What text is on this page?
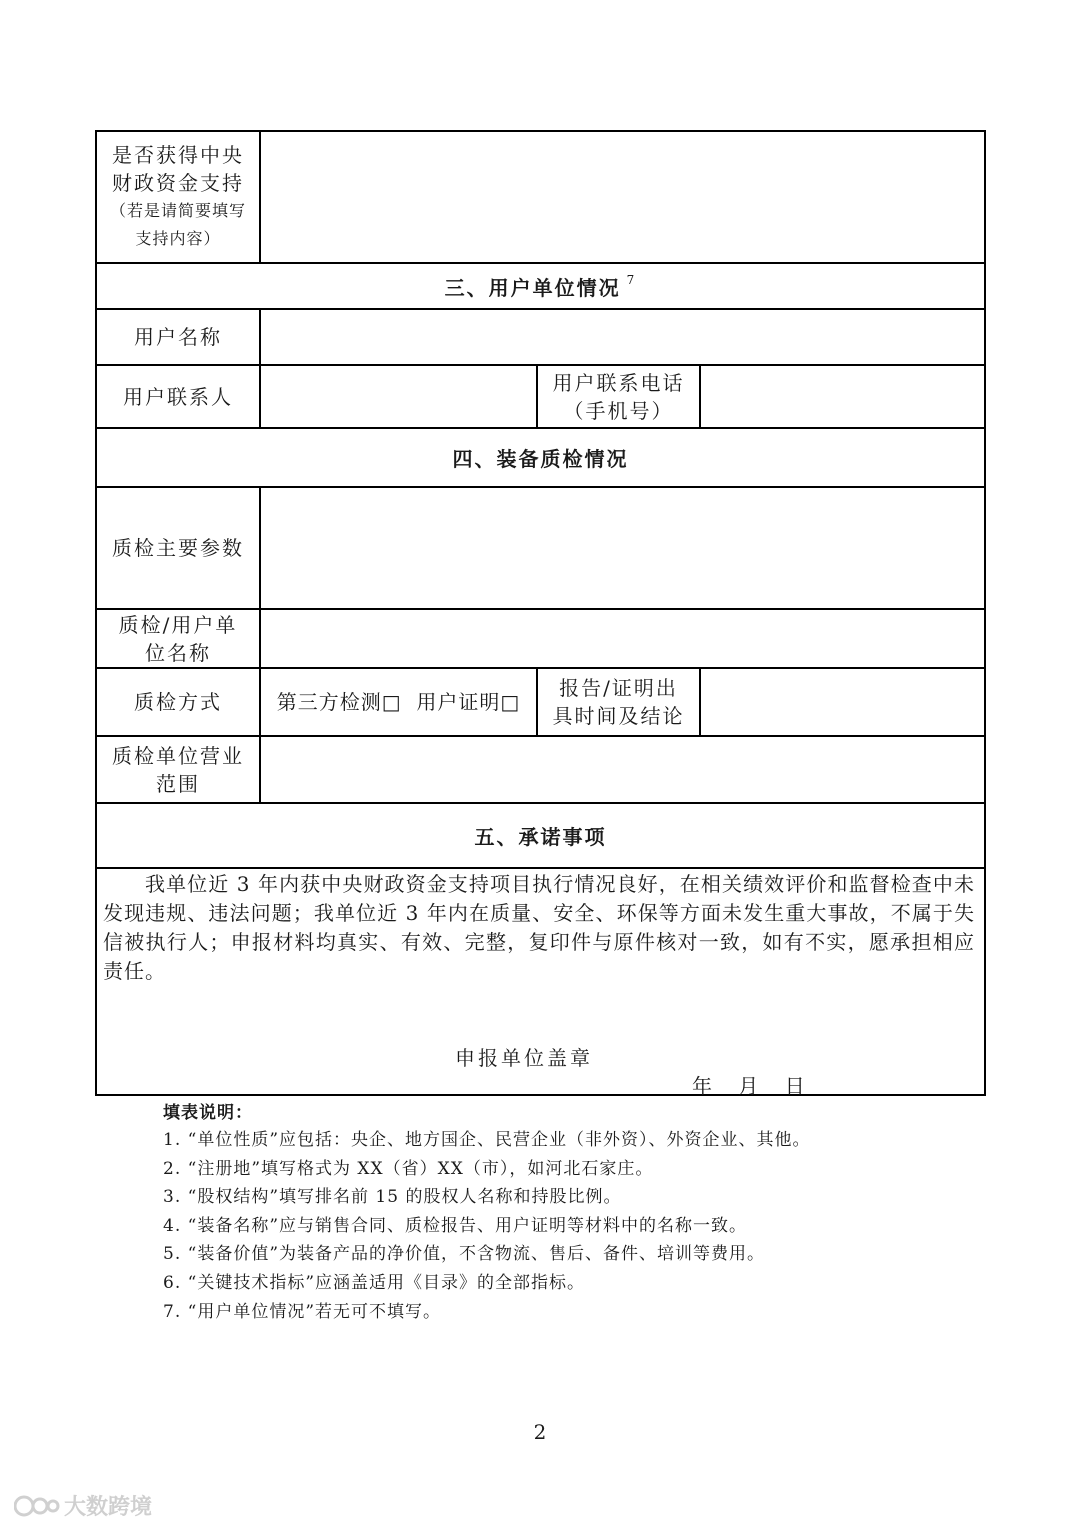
是否获得中央财政资金支持
（若是请简要填写支持内容）
三、用户单位情况 $^7$
用户名称
用户联系人
用户联系电话（手机号）
四、装备质检情况
质检主要参数
质检/用户单位名称
质检方式	第三方检测□  用户证明□
报告/证明出具时间及结论
质检单位营业范围
五、承诺事项
我单位近 3 年内获中央财政资金支持项目执行情况良好，在相关绩效评价和监督检查中未发现违规、违法问题；我单位近 3 年内在质量、安全、环保等方面未发生重大事故，不属于失信被执行人；申报材料均真实、有效、完整，复印件与原件核对一致，如有不实，愿承担相应责任。
申报单位盖章
年 月 日
填表说明：
1. “单位性质”应包括：央企、地方国企、民营企业（非外资）、外资企业、其他。
2. “注册地”填写格式为 XX（省）XX（市），如河北石家庄。
3. “股权结构”填写排名前 15 的股权人名称和持股比例。
4. “装备名称”应与销售合同、质检报告、用户证明等材料中的名称一致。
5. “装备价值”为装备产品的净价值，不含物流、售后、备件、培训等费用。
6. “关键技术指标”应涵盖适用《目录》的全部指标。
7. “用户单位情况”若无可不填写。
2
大数跨境
